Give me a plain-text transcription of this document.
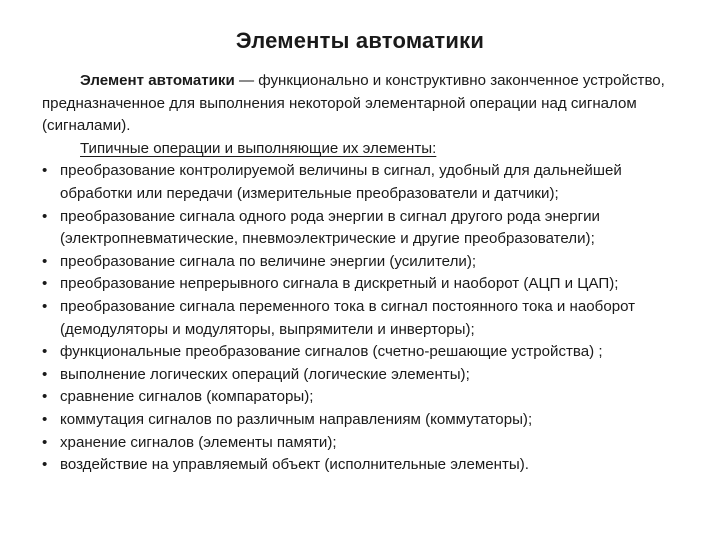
Элементы автоматики

Элемент автоматики — функционально и конструктивно законченное устройство, предназначенное для выполнения некоторой элементарной операции над сигналом (сигналами).

Типичные операции и выполняющие их элементы:

• преобразование контролируемой величины в сигнал, удобный для дальнейшей обработки или передачи (измерительные преобразователи и датчики);
• преобразование сигнала одного рода энергии в сигнал другого рода энергии (электропневматические, пневмоэлектрические и другие преобразователи);
• преобразование сигнала по величине энергии (усилители);
• преобразование непрерывного сигнала в дискретный и наоборот (АЦП и ЦАП);
• преобразование сигнала переменного тока в сигнал постоянного тока и наоборот (демодуляторы и модуляторы, выпрямители и инверторы);
• функциональные преобразование сигналов (счетно-решающие устройства) ;
• выполнение логических операций (логические элементы);
• сравнение сигналов (компараторы);
• коммутация сигналов по различным направлениям (коммутаторы);
• хранение сигналов (элементы памяти);
• воздействие на управляемый объект (исполнительные элементы).
